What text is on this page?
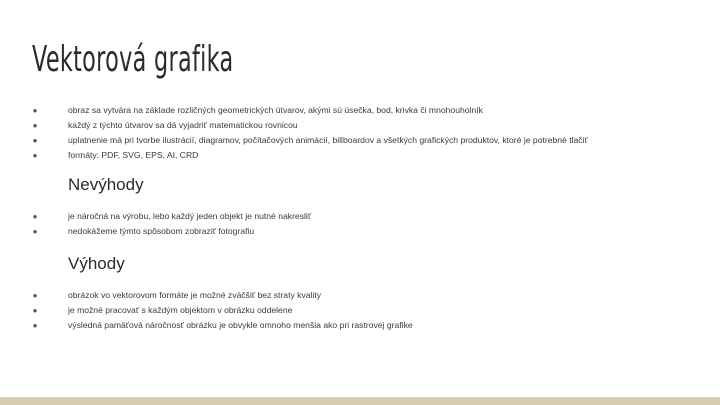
Vektorová grafika
●	obraz sa vytvára na základe rozličných geometrických útvarov, akými sú úsečka, bod, krivka či mnohouholník
●	každý z týchto útvarov sa dá vyjadriť matematickou rovnicou
●	uplatnenie má pri tvorbe ilustrácií, diagramov, počítačových animácií, billboardov a všetkých grafických produktov, ktoré je potrebné tlačiť
●	formáty: PDF, SVG, EPS, AI, CRD
Nevýhody
●	je náročná na výrobu, lebo každý jeden objekt je nutné nakresliť
●	nedokážeme týmto spôsobom zobraziť fotografiu
Výhody
●	obrázok vo vektorovom formáte je možné zväčšiť bez straty kvality
●	je možné pracovať s každým objektom v obrázku oddelene
●	výsledná pamäťová náročnosť obrázku je obvykle omnoho menšia ako pri rastrovej grafike
